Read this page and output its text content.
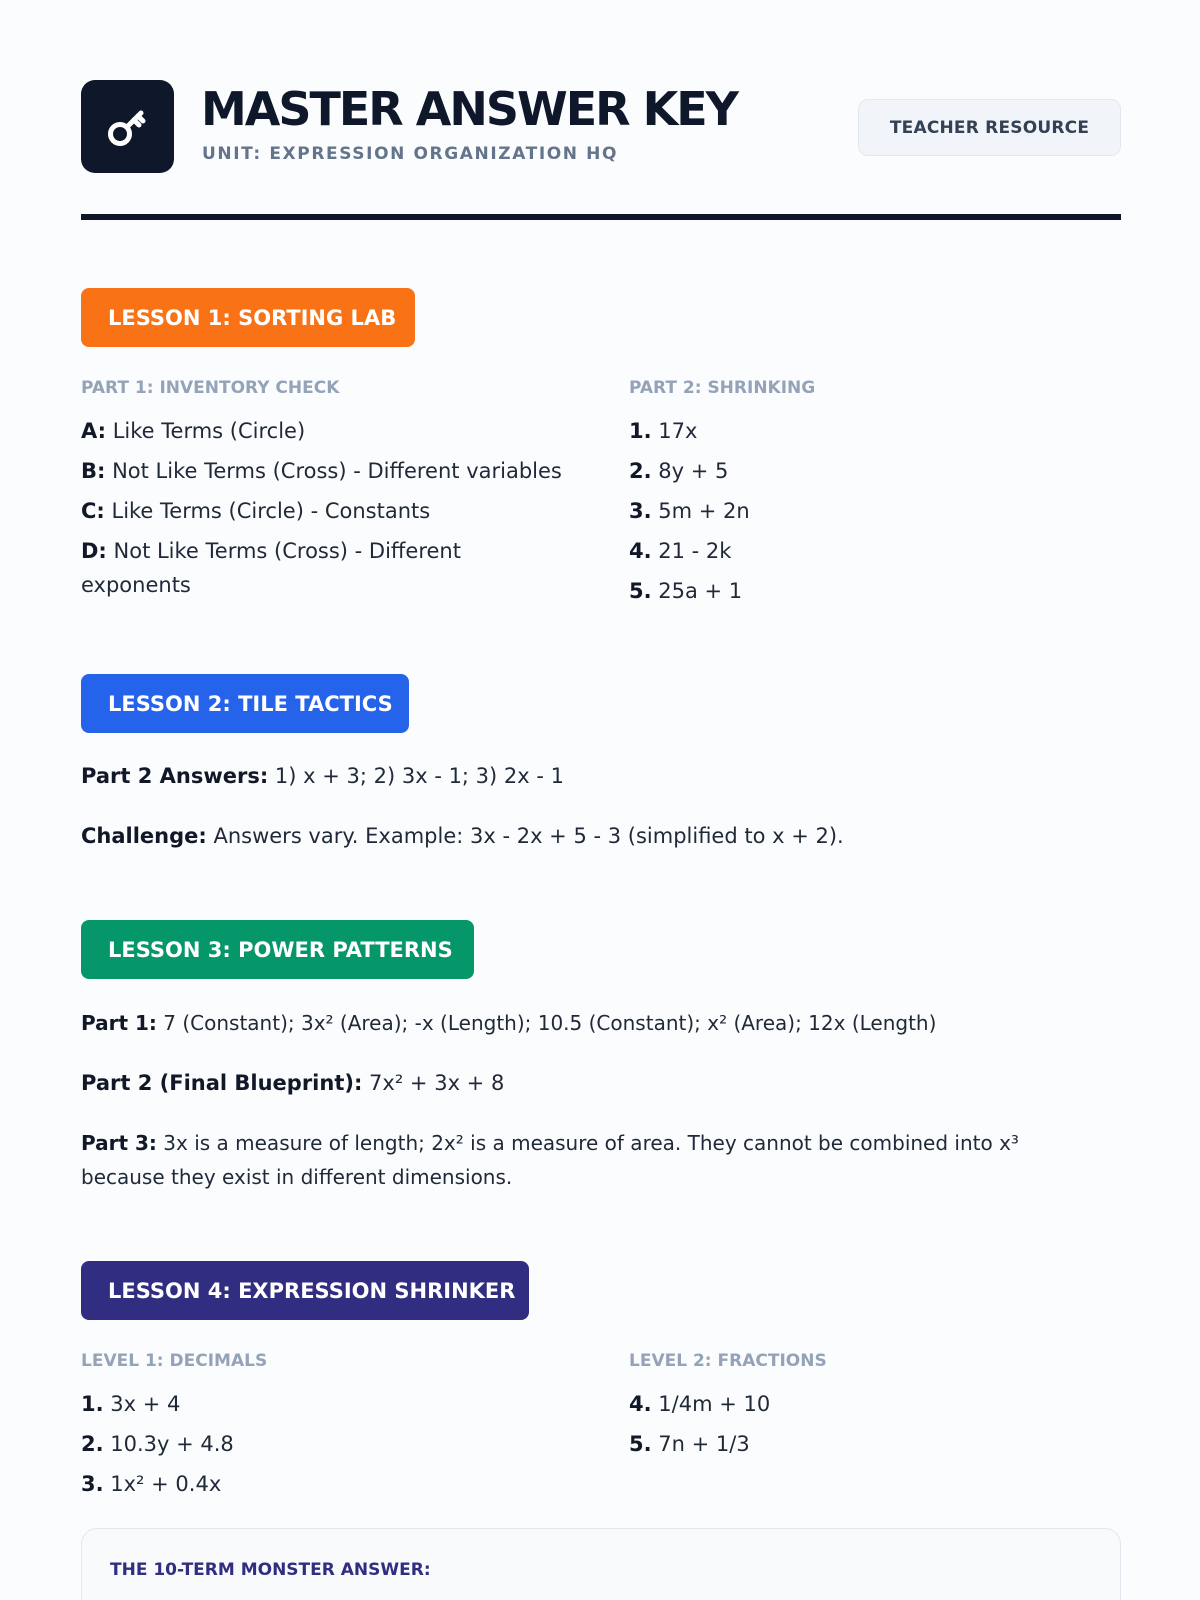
MASTER ANSWER KEY
UNIT: EXPRESSION ORGANIZATION HQ
TEACHER RESOURCE
LESSON 1: SORTING LAB
PART 1: INVENTORY CHECK
A: Like Terms (Circle)
B: Not Like Terms (Cross) - Different variables
C: Like Terms (Circle) - Constants
D: Not Like Terms (Cross) - Different exponents
PART 2: SHRINKING
1. 17x
2. 8y + 5
3. 5m + 2n
4. 21 - 2k
5. 25a + 1
LESSON 2: TILE TACTICS
Part 2 Answers: 1) x + 3; 2) 3x - 1; 3) 2x - 1
Challenge: Answers vary. Example: 3x - 2x + 5 - 3 (simplified to x + 2).
LESSON 3: POWER PATTERNS
Part 1: 7 (Constant); 3x² (Area); -x (Length); 10.5 (Constant); x² (Area); 12x (Length)
Part 2 (Final Blueprint): 7x² + 3x + 8
Part 3: 3x is a measure of length; 2x² is a measure of area. They cannot be combined into x³ because they exist in different dimensions.
LESSON 4: EXPRESSION SHRINKER
LEVEL 1: DECIMALS
1. 3x + 4
2. 10.3y + 4.8
3. 1x² + 0.4x
LEVEL 2: FRACTIONS
4. 1/4m + 10
5. 7n + 1/3
THE 10-TERM MONSTER ANSWER:
